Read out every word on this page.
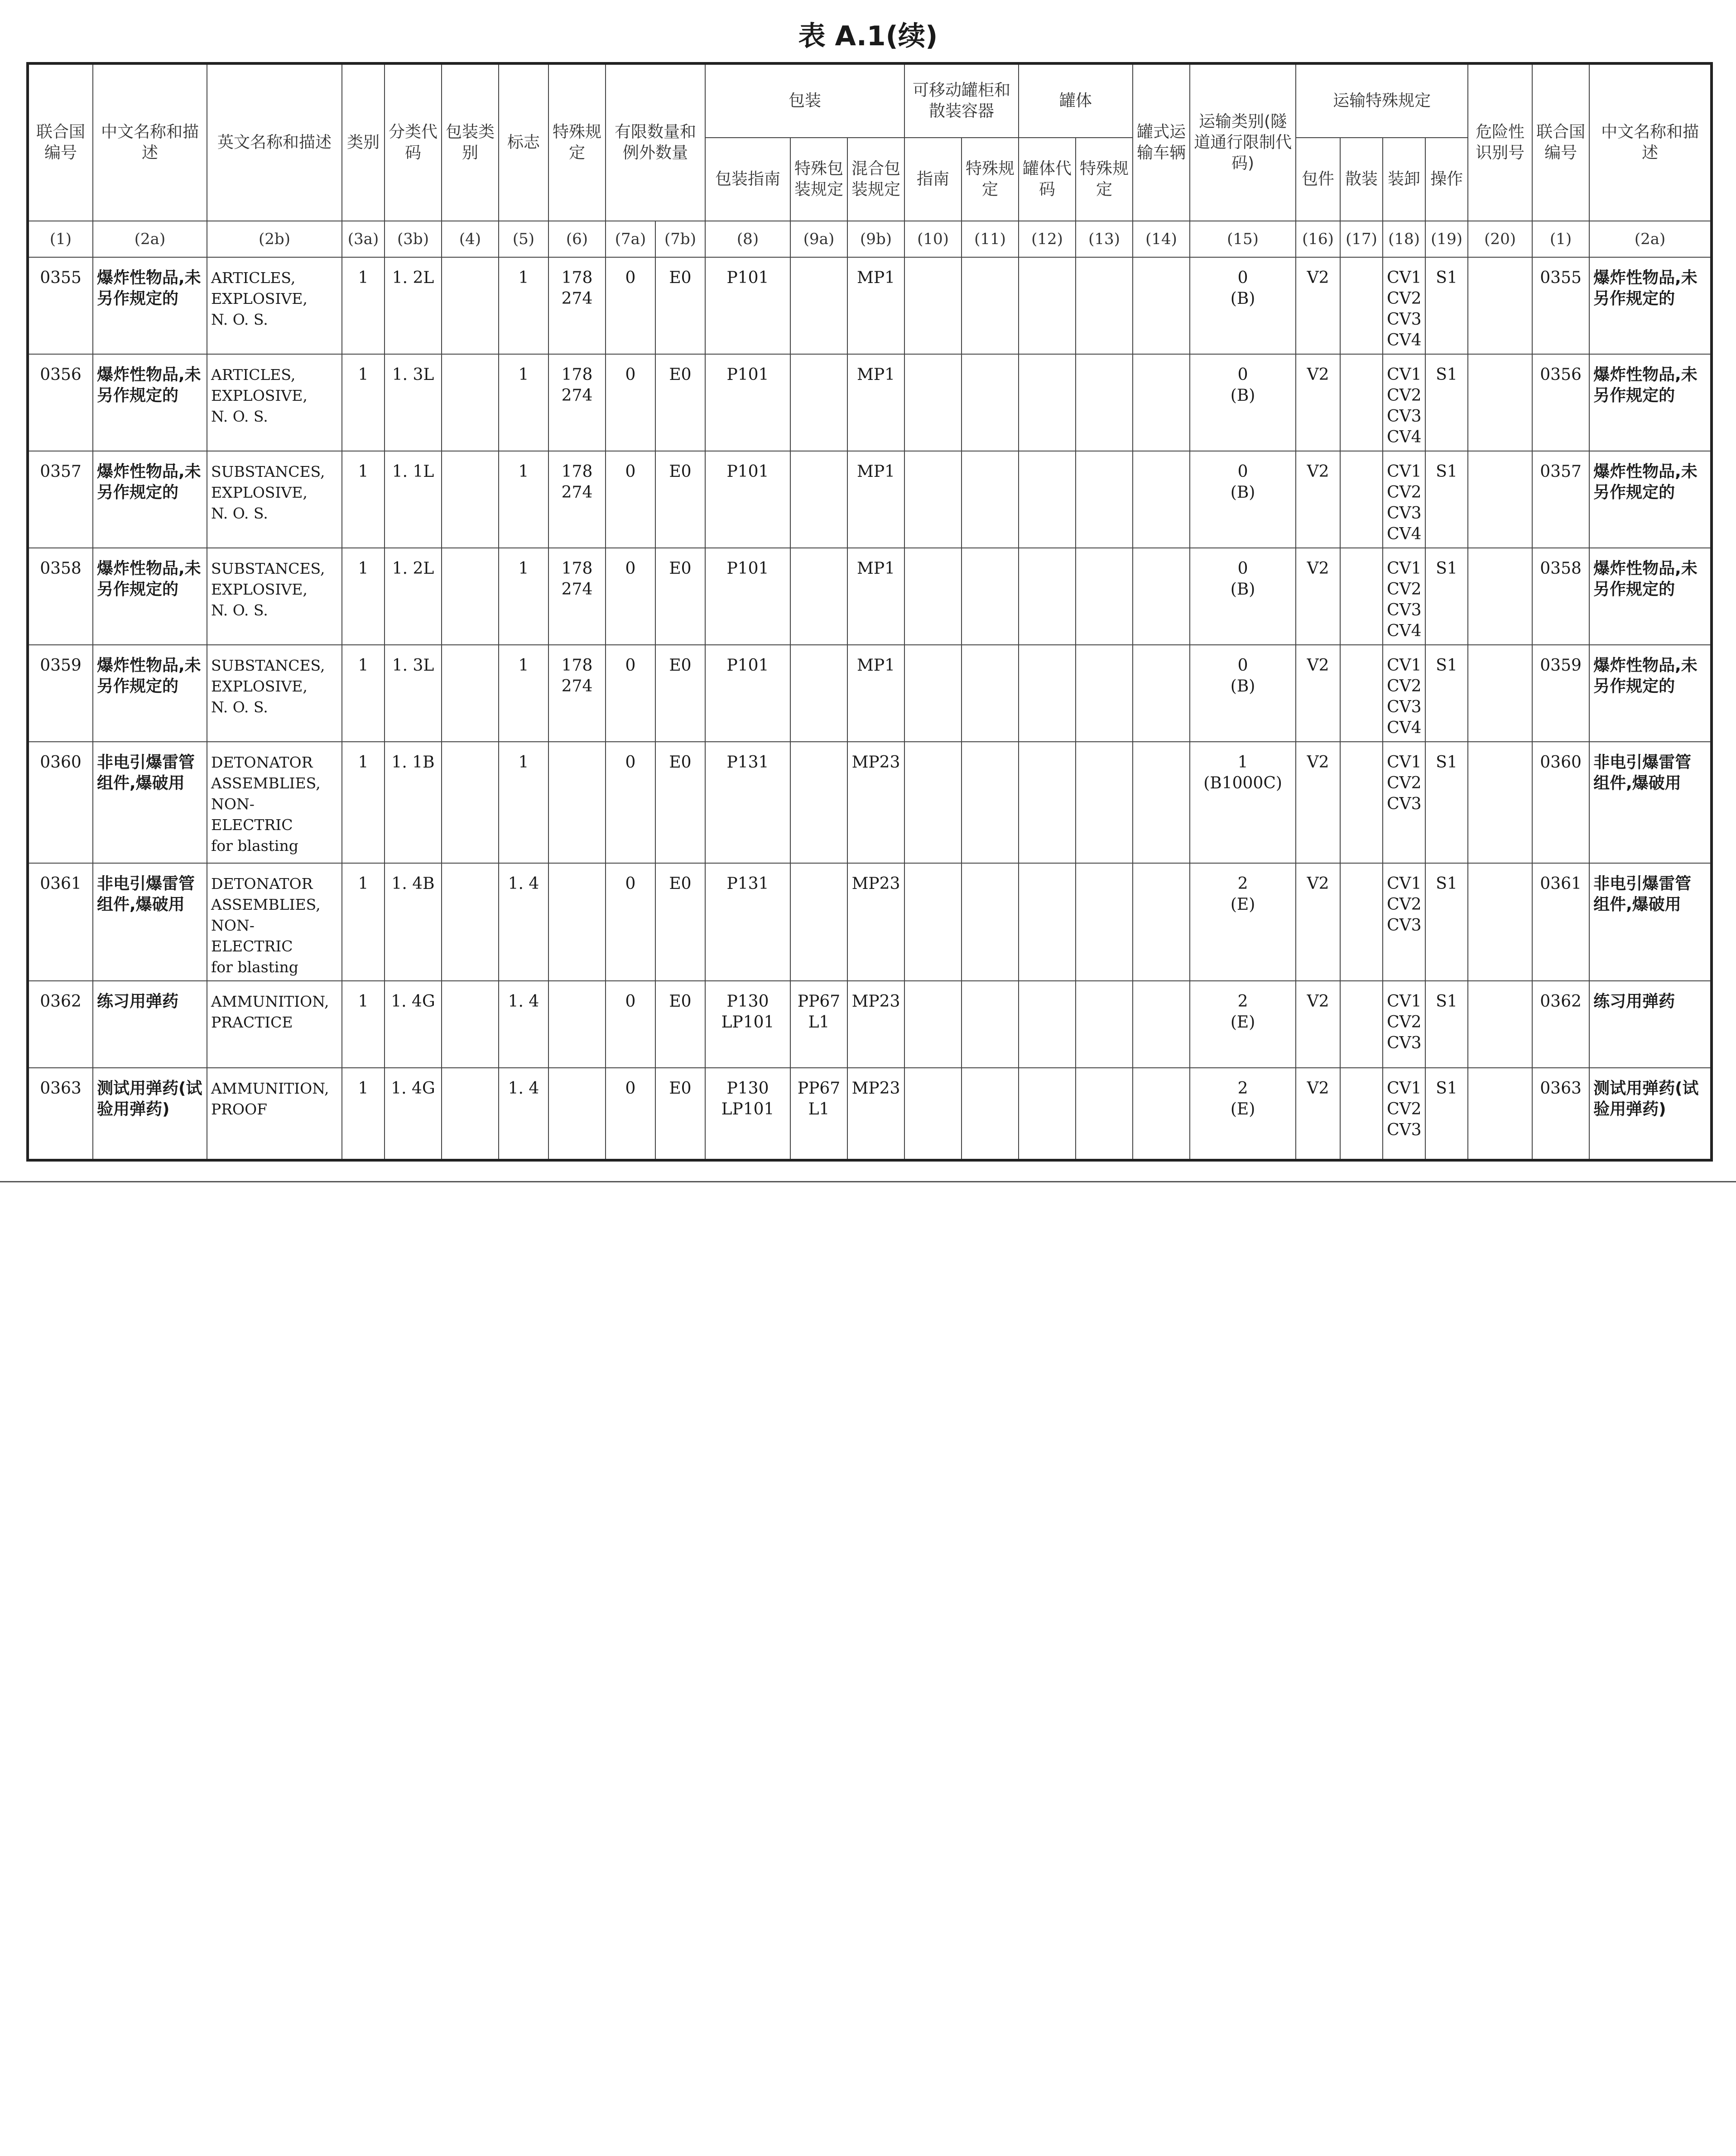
表 A.1(续)
联合国编号	中文名称和描述	英文名称和描述	类别	分类代码	包装类别	标志	特殊规定	有限数量和例外数量		包装			可移动罐柜和散装容器		罐体		罐式运输车辆	运输类别(隧道通行限制代码)	运输特殊规定				危险性识别号	联合国编号	中文名称和描述
										包装指南	特殊包装规定	混合包装规定	指南	特殊规定	罐体代码	特殊规定			包件	散装	装卸	操作			
(1)	(2a)	(2b)	(3a)	(3b)	(4)	(5)	(6)	(7a)	(7b)	(8)	(9a)	(9b)	(10)	(11)	(12)	(13)	(14)	(15)	(16)	(17)	(18)	(19)	(20)	(1)	(2a)
0355	爆炸性物品,未另作规定的	ARTICLES,
EXPLOSIVE,
N. O. S.	1	1. 2L		1	178
274	0	E0	P101		MP1						0
(B)	V2		CV1
CV2
CV3
CV4	S1		0355	爆炸性物品,未另作规定的
0356	爆炸性物品,未另作规定的	ARTICLES,
EXPLOSIVE,
N. O. S.	1	1. 3L		1	178
274	0	E0	P101		MP1						0
(B)	V2		CV1
CV2
CV3
CV4	S1		0356	爆炸性物品,未另作规定的
0357	爆炸性物品,未另作规定的	SUBSTANCES,
EXPLOSIVE,
N. O. S.	1	1. 1L		1	178
274	0	E0	P101		MP1						0
(B)	V2		CV1
CV2
CV3
CV4	S1		0357	爆炸性物品,未另作规定的
0358	爆炸性物品,未另作规定的	SUBSTANCES,
EXPLOSIVE,
N. O. S.	1	1. 2L		1	178
274	0	E0	P101		MP1						0
(B)	V2		CV1
CV2
CV3
CV4	S1		0358	爆炸性物品,未另作规定的
0359	爆炸性物品,未另作规定的	SUBSTANCES,
EXPLOSIVE,
N. O. S.	1	1. 3L		1	178
274	0	E0	P101		MP1						0
(B)	V2		CV1
CV2
CV3
CV4	S1		0359	爆炸性物品,未另作规定的
0360	非电引爆雷管组件,爆破用	DETONATOR
ASSEMBLIES,
NON-
ELECTRIC
for blasting	1	1. 1B		1		0	E0	P131		MP23						1
(B1000C)	V2		CV1
CV2
CV3	S1		0360	非电引爆雷管组件,爆破用
0361	非电引爆雷管组件,爆破用	DETONATOR
ASSEMBLIES,
NON-
ELECTRIC
for blasting	1	1. 4B		1. 4		0	E0	P131		MP23						2
(E)	V2		CV1
CV2
CV3	S1		0361	非电引爆雷管组件,爆破用
0362	练习用弹药	AMMUNITION,
PRACTICE	1	1. 4G		1. 4		0	E0	P130
LP101	PP67
L1	MP23						2
(E)	V2		CV1
CV2
CV3	S1		0362	练习用弹药
0363	测试用弹药(试验用弹药)	AMMUNITION,
PROOF	1	1. 4G		1. 4		0	E0	P130
LP101	PP67
L1	MP23						2
(E)	V2		CV1
CV2
CV3	S1		0363	测试用弹药(试验用弹药)
